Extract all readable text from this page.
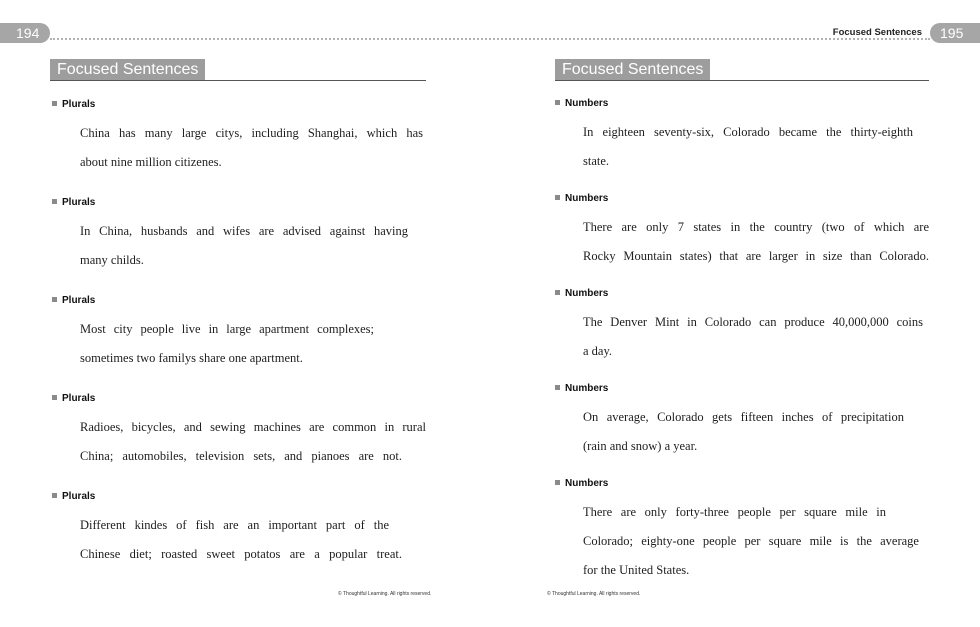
194	Focused Sentences	195
Focused Sentences
Plurals
China has many large citys, including Shanghai, which has
about nine million citizenes.
Plurals
In China, husbands and wifes are advised against having
many childs.
Plurals
Most city people live in large apartment complexes;
sometimes two familys share one apartment.
Plurals
Radioes, bicycles, and sewing machines are common in rural
China; automobiles, television sets, and pianoes are not.
Plurals
Different kindes of fish are an important part of the
Chinese diet; roasted sweet potatos are a popular treat.
© Thoughtful Learning. All rights reserved.
Focused Sentences
Numbers
In eighteen seventy-six, Colorado became the thirty-eighth
state.
Numbers
There are only 7 states in the country (two of which are
Rocky Mountain states) that are larger in size than Colorado.
Numbers
The Denver Mint in Colorado can produce 40,000,000 coins
a day.
Numbers
On average, Colorado gets fifteen inches of precipitation
(rain and snow) a year.
Numbers
There are only forty-three people per square mile in
Colorado; eighty-one people per square mile is the average
for the United States.
© Thoughtful Learning. All rights reserved.
